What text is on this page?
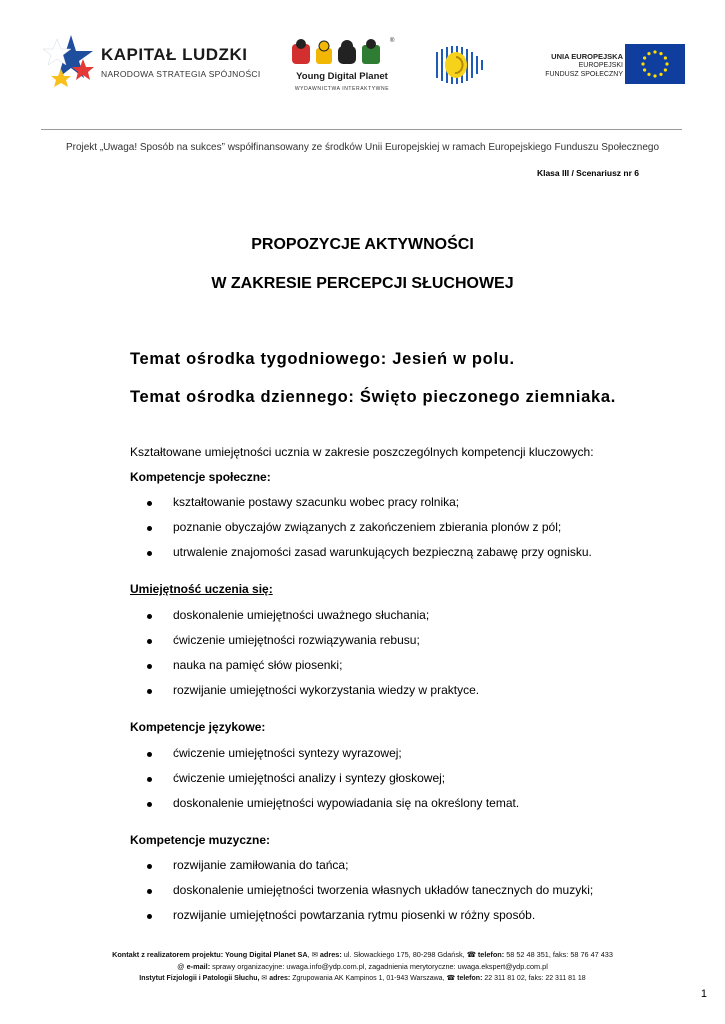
KAPITAŁ LUDZKI
NARODOWA STRATEGIA SPÓJNOŚCI
®
Young Digital Planet
WYDAWNICTWA INTERAKTYWNE
UNIA EUROPEJSKA
EUROPEJSKI
FUNDUSZ SPOŁECZNY
Projekt „Uwaga! Sposób na sukces” współfinansowany ze środków Unii Europejskiej w ramach Europejskiego Funduszu Społecznego
Klasa III / Scenariusz nr 6
PROPOZYCJE AKTYWNOŚCI
W ZAKRESIE PERCEPCJI SŁUCHOWEJ
Temat ośrodka tygodniowego: Jesień w polu.
Temat ośrodka dziennego: Święto pieczonego ziemniaka.
Kształtowane umiejętności ucznia w zakresie poszczególnych kompetencji kluczowych:
Kompetencje społeczne:
kształtowanie postawy szacunku wobec pracy rolnika;
poznanie obyczajów związanych z zakończeniem zbierania plonów z pól;
utrwalenie znajomości zasad warunkujących bezpieczną zabawę przy ognisku.
Umiejętność uczenia się:
doskonalenie umiejętności uważnego słuchania;
ćwiczenie umiejętności rozwiązywania rebusu;
nauka na pamięć słów piosenki;
rozwijanie umiejętności wykorzystania wiedzy w praktyce.
Kompetencje językowe:
ćwiczenie umiejętności syntezy wyrazowej;
ćwiczenie umiejętności analizy i syntezy głoskowej;
doskonalenie umiejętności wypowiadania się na określony temat.
Kompetencje muzyczne:
rozwijanie zamiłowania do tańca;
doskonalenie umiejętności tworzenia własnych układów tanecznych do muzyki;
rozwijanie umiejętności powtarzania rytmu piosenki w różny sposób.
Kontakt z realizatorem projektu: Young Digital Planet SA, ✉ adres: ul. Słowackiego 175, 80-298 Gdańsk, ☎ telefon: 58 52 48 351, faks: 58 76 47 433
@ e-mail: sprawy organizacyjne: uwaga.info@ydp.com.pl, zagadnienia merytoryczne: uwaga.ekspert@ydp.com.pl
Instytut Fizjologii i Patologii Słuchu, ✉ adres: Zgrupowania AK Kampinos 1, 01-943 Warszawa, ☎ telefon: 22 311 81 02, faks: 22 311 81 18
1
